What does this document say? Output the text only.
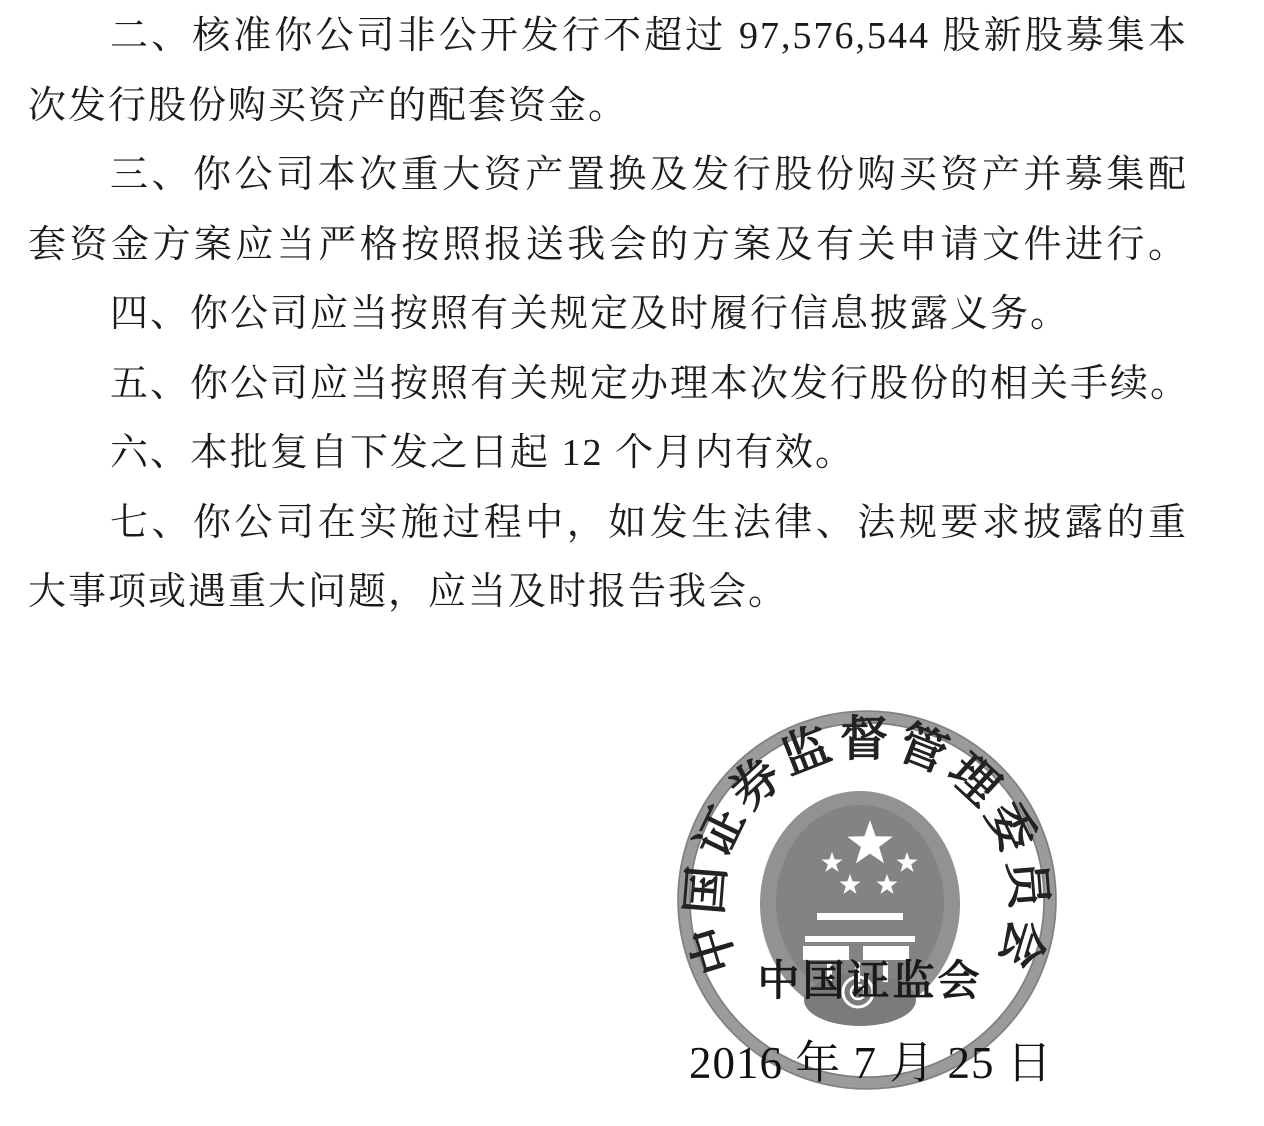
二、核准你公司非公开发行不超过 97,576,544 股新股募集本
次发行股份购买资产的配套资金。
三、你公司本次重大资产置换及发行股份购买资产并募集配
套资金方案应当严格按照报送我会的方案及有关申请文件进行。
四、你公司应当按照有关规定及时履行信息披露义务。
五、你公司应当按照有关规定办理本次发行股份的相关手续。
六、本批复自下发之日起 12 个月内有效。
七、你公司在实施过程中，如发生法律、法规要求披露的重
大事项或遇重大问题，应当及时报告我会。
中国证券监督管理委员会
中国证监会
2016 年 7 月 25 日
